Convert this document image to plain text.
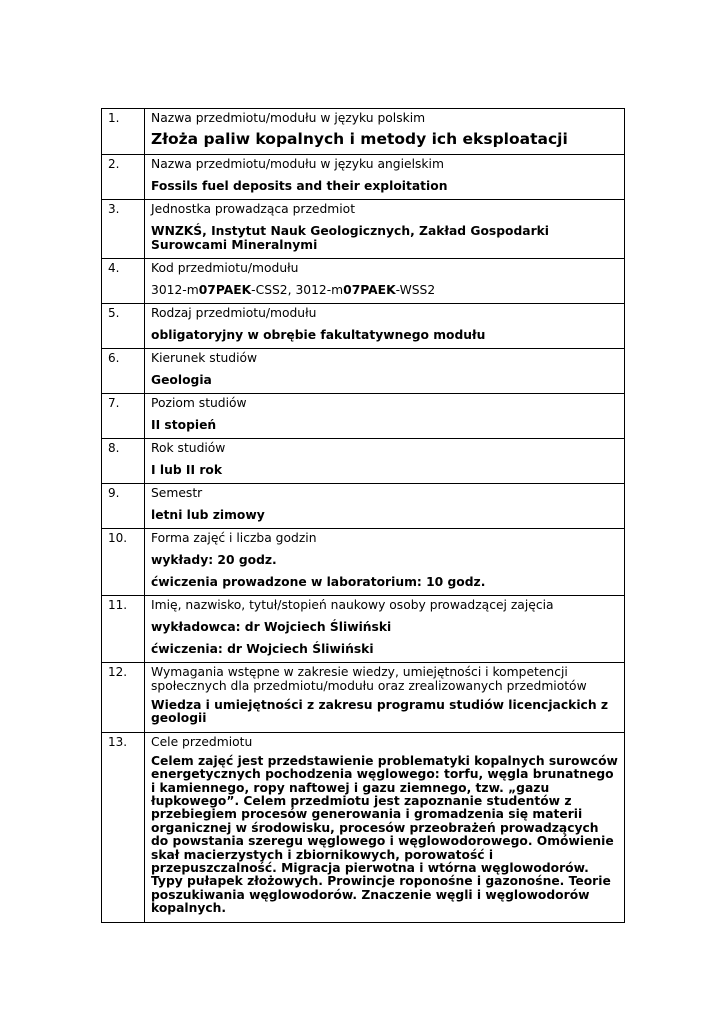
1.	Nazwa przedmiotu/modułu w języku polskim

Złoża paliw kopalnych i metody ich eksploatacji

2.	Nazwa przedmiotu/modułu w języku angielskim

Fossils fuel deposits and their exploitation

3.	Jednostka prowadząca przedmiot

WNZKŚ, Instytut Nauk Geologicznych, Zakład Gospodarki Surowcami Mineralnymi

4.	Kod przedmiotu/modułu

3012-m07PAEK-CSS2, 3012-m07PAEK-WSS2

5.	Rodzaj przedmiotu/modułu

obligatoryjny w obrębie fakultatywnego modułu

6.	Kierunek studiów

Geologia

7.	Poziom studiów

II stopień

8.	Rok studiów

I lub II rok

9.	Semestr

letni lub zimowy

10.	Forma zajęć i liczba godzin

wykłady: 20 godz.

ćwiczenia prowadzone w laboratorium: 10 godz.

11.	Imię, nazwisko, tytuł/stopień naukowy osoby prowadzącej zajęcia

wykładowca: dr Wojciech Śliwiński

ćwiczenia: dr Wojciech Śliwiński

12.	Wymagania wstępne w zakresie wiedzy, umiejętności i kompetencji społecznych dla przedmiotu/modułu oraz zrealizowanych przedmiotów

Wiedza i umiejętności z zakresu programu studiów licencjackich z geologii

13.	Cele przedmiotu

Celem zajęć jest przedstawienie problematyki kopalnych surowców energetycznych pochodzenia węglowego: torfu, węgla brunatnego i kamiennego, ropy naftowej i gazu ziemnego, tzw. „gazu łupkowego”. Celem przedmiotu jest zapoznanie studentów z przebiegiem procesów generowania i gromadzenia się materii organicznej w środowisku, procesów przeobrażeń prowadzących do powstania szeregu węglowego i węglowodorowego. Omówienie skał macierzystych i zbiornikowych, porowatość i przepuszczalność. Migracja pierwotna i wtórna węglowodorów. Typy pułapek złożowych. Prowincje roponośne i gazonośne. Teorie poszukiwania węglowodorów. Znaczenie węgli i węglowodorów kopalnych.
